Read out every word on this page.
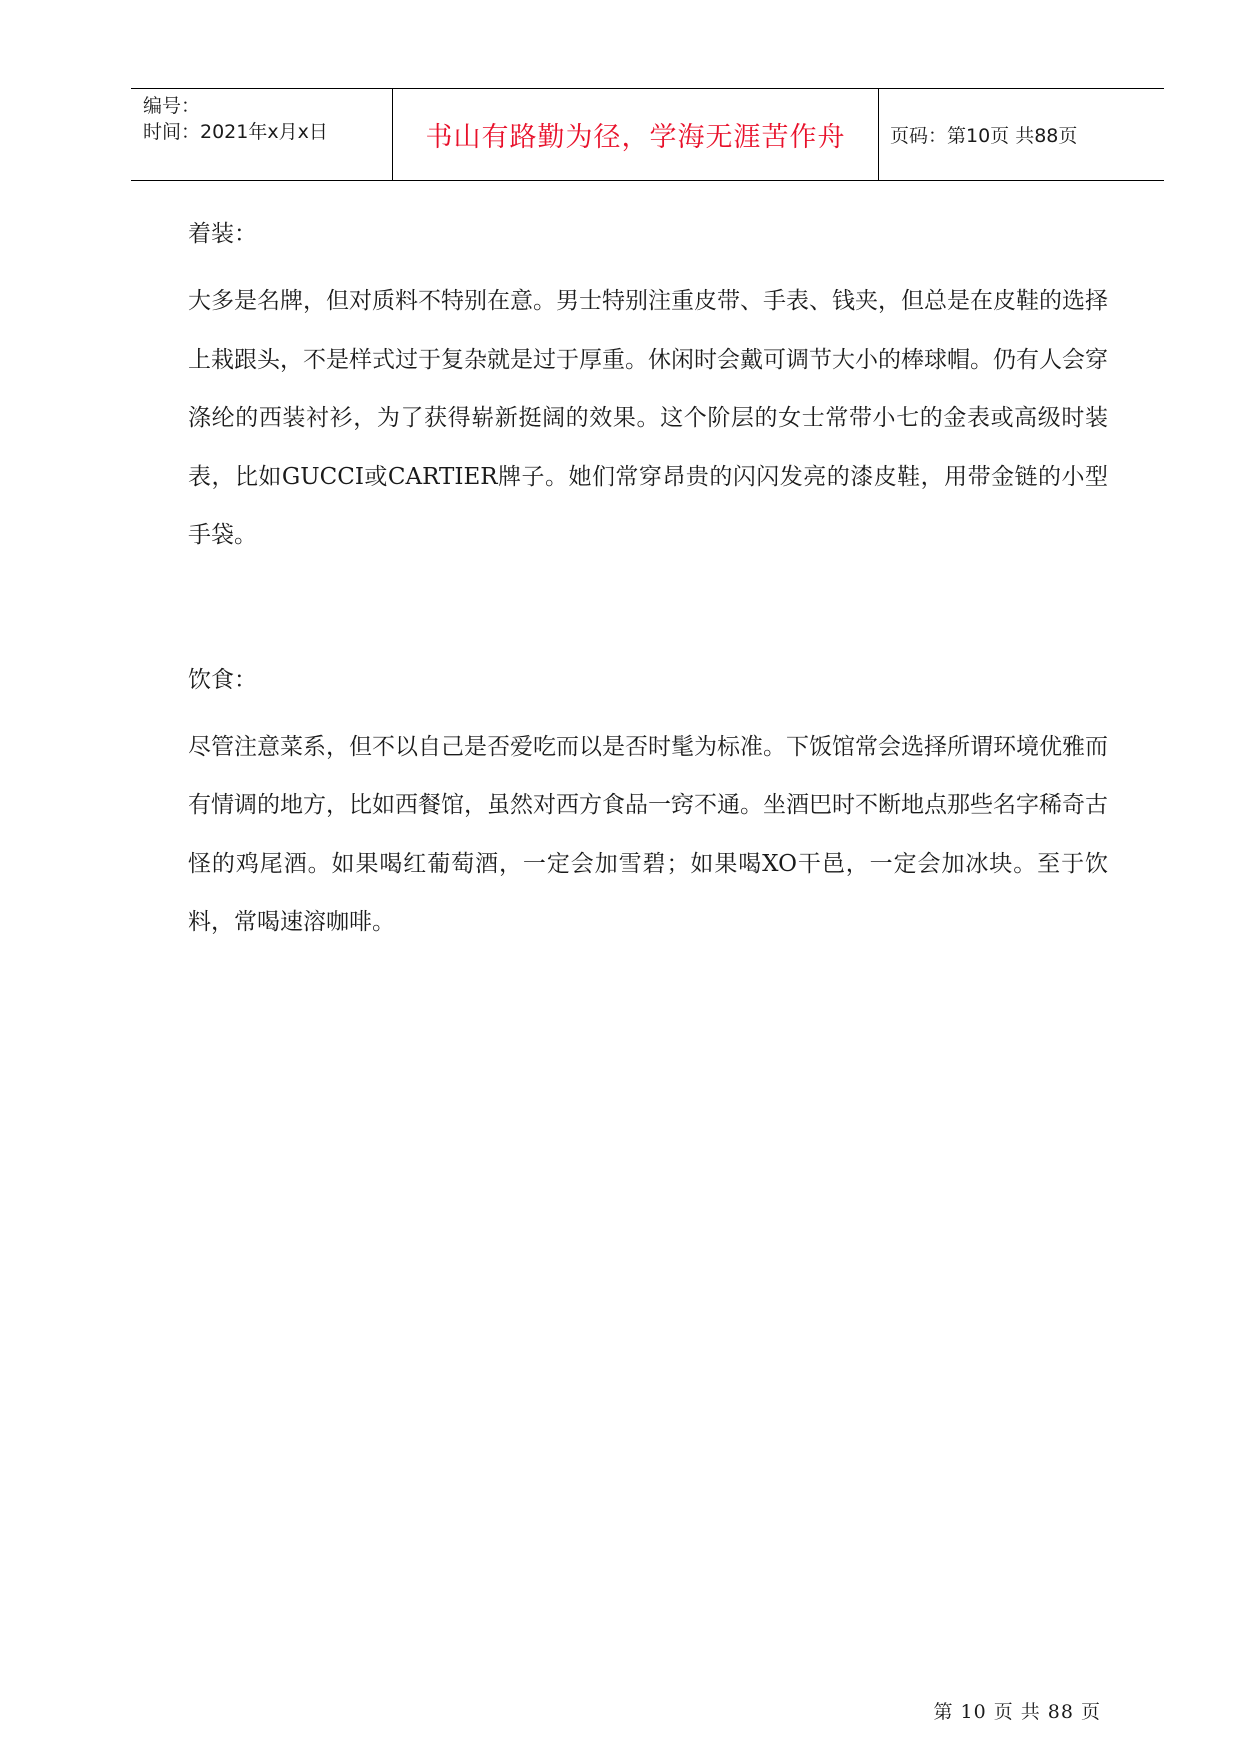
编号：
时间：2021年x月x日	书山有路勤为径，学海无涯苦作舟 页码：第10页 共88页

着装：

大多是名牌，但对质料不特别在意。男士特别注重皮带、手表、钱夹，但总是在皮鞋的选择上栽跟头，不是样式过于复杂就是过于厚重。休闲时会戴可调节大小的棒球帽。仍有人会穿涤纶的西装衬衫，为了获得崭新挺阔的效果。这个阶层的女士常带小七的金表或高级时装表，比如GUCCI或CARTIER牌子。她们常穿昂贵的闪闪发亮的漆皮鞋，用带金链的小型手袋。

饮食：

尽管注意菜系，但不以自己是否爱吃而以是否时髦为标准。下饭馆常会选择所谓环境优雅而有情调的地方，比如西餐馆，虽然对西方食品一窍不通。坐酒巴时不断地点那些名字稀奇古怪的鸡尾酒。如果喝红葡萄酒，一定会加雪碧；如果喝XO干邑，一定会加冰块。至于饮料，常喝速溶咖啡。

第 10 页 共 88 页
